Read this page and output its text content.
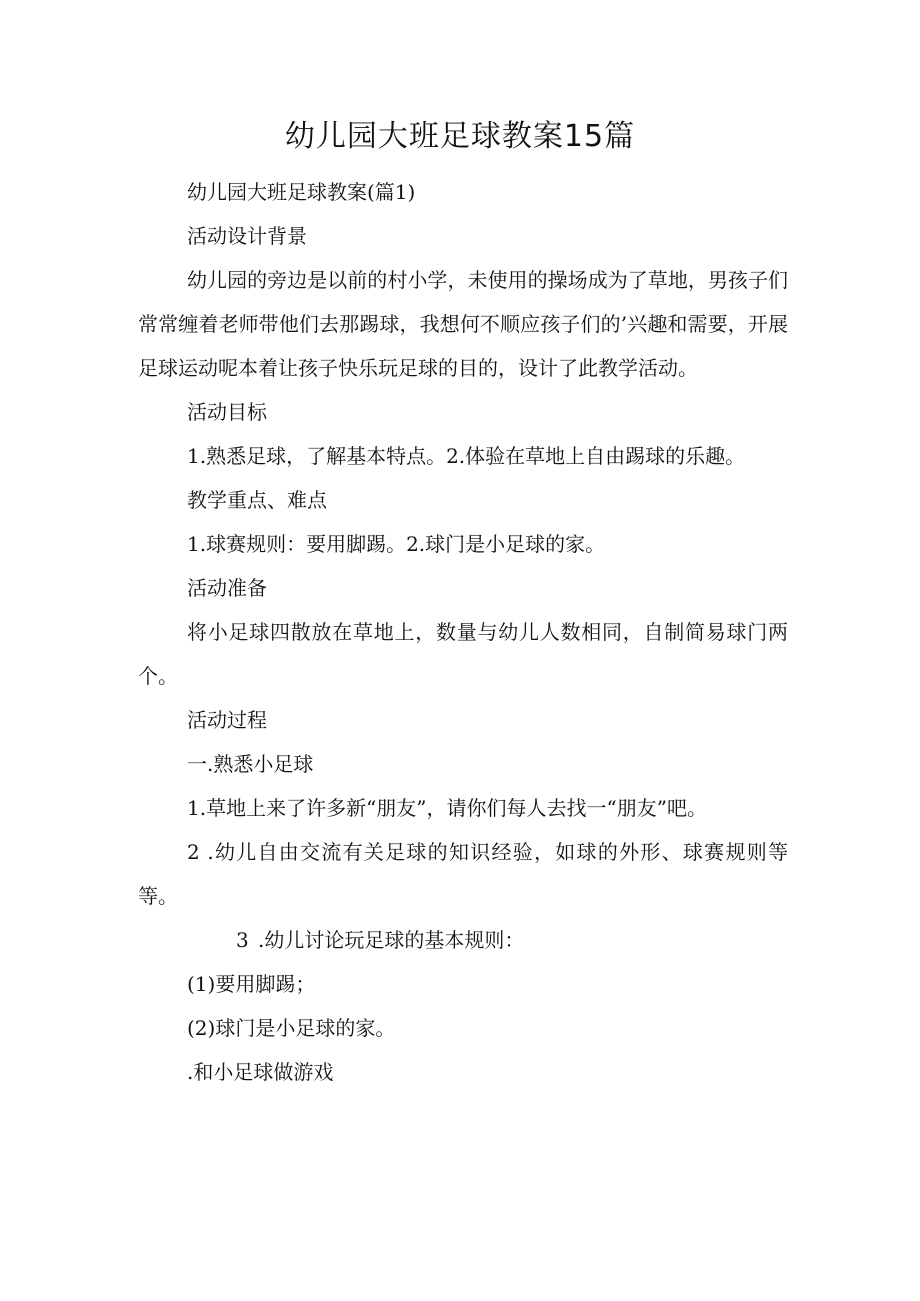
幼儿园大班足球教案15篇

幼儿园大班足球教案(篇1)

活动设计背景

幼儿园的旁边是以前的村小学，未使用的操场成为了草地，男孩子们常常缠着老师带他们去那踢球，我想何不顺应孩子们的’兴趣和需要，开展足球运动呢本着让孩子快乐玩足球的目的，设计了此教学活动。

活动目标

1.熟悉足球，了解基本特点。2.体验在草地上自由踢球的乐趣。

教学重点、难点

1.球赛规则：要用脚踢。2.球门是小足球的家。

活动准备

将小足球四散放在草地上，数量与幼儿人数相同，自制简易球门两个。

活动过程

一.熟悉小足球

1.草地上来了许多新“朋友”，请你们每人去找一“朋友”吧。

2 .幼儿自由交流有关足球的知识经验，如球的外形、球赛规则等等。

3 .幼儿讨论玩足球的基本规则：

(1)要用脚踢；

(2)球门是小足球的家。

.和小足球做游戏
